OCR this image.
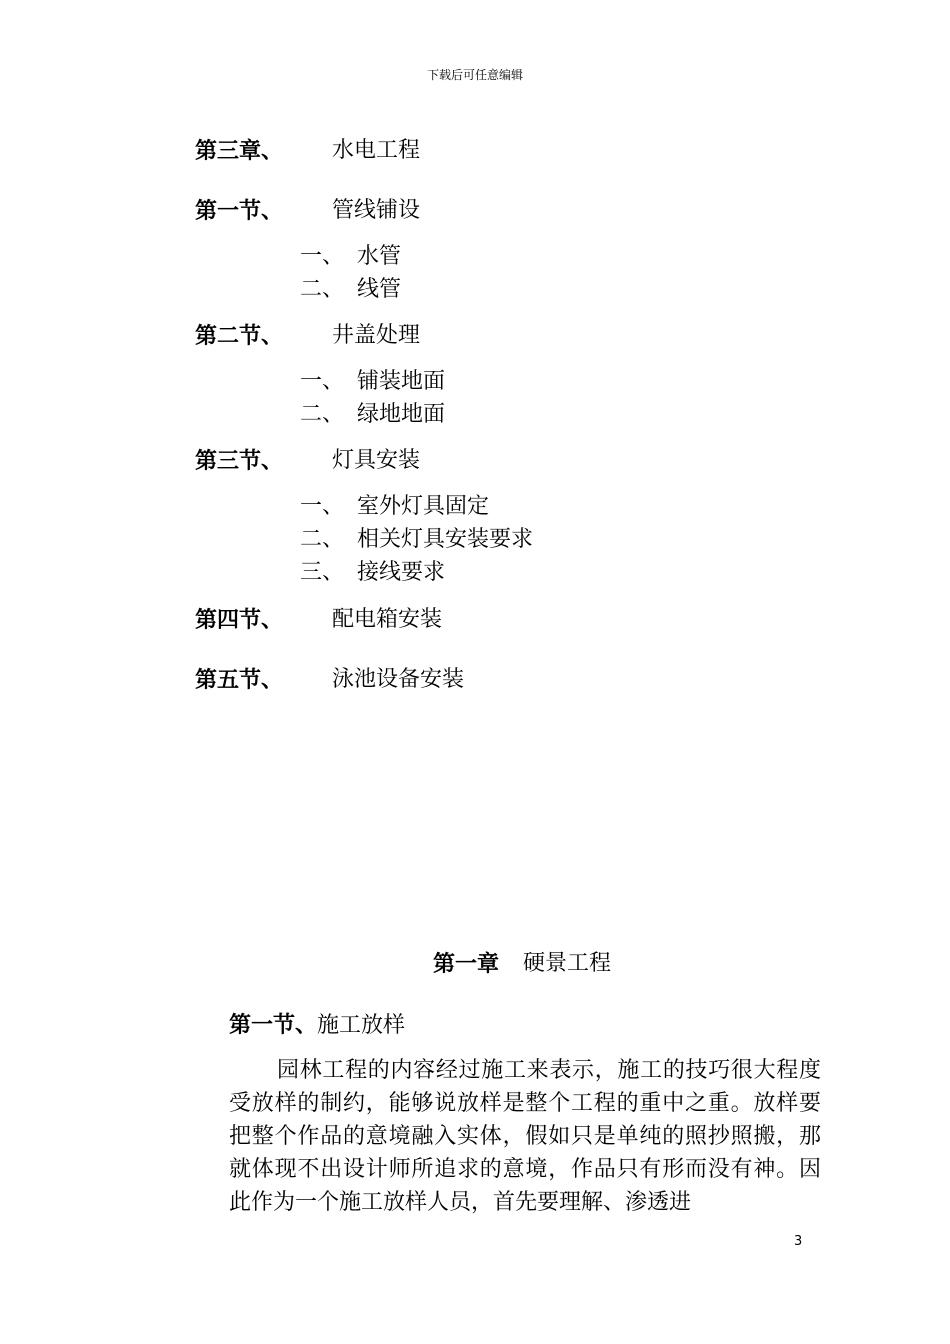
下载后可任意编辑
第三章、 水电工程
第一节、 管线铺设
一、 水管
二、 线管
第二节、 井盖处理
一、 铺装地面
二、 绿地地面
第三节、 灯具安装
一、 室外灯具固定
二、 相关灯具安装要求
三、 接线要求
第四节、 配电箱安装
第五节、 泳池设备安装
第一章 硬景工程
第一节、施工放样
园林工程的内容经过施工来表示，施工的技巧很大程度受放样的制约，能够说放样是整个工程的重中之重。放样要把整个作品的意境融入实体，假如只是单纯的照抄照搬，那就体现不出设计师所追求的意境，作品只有形而没有神。因此作为一个施工放样人员，首先要理解、渗透进
3
